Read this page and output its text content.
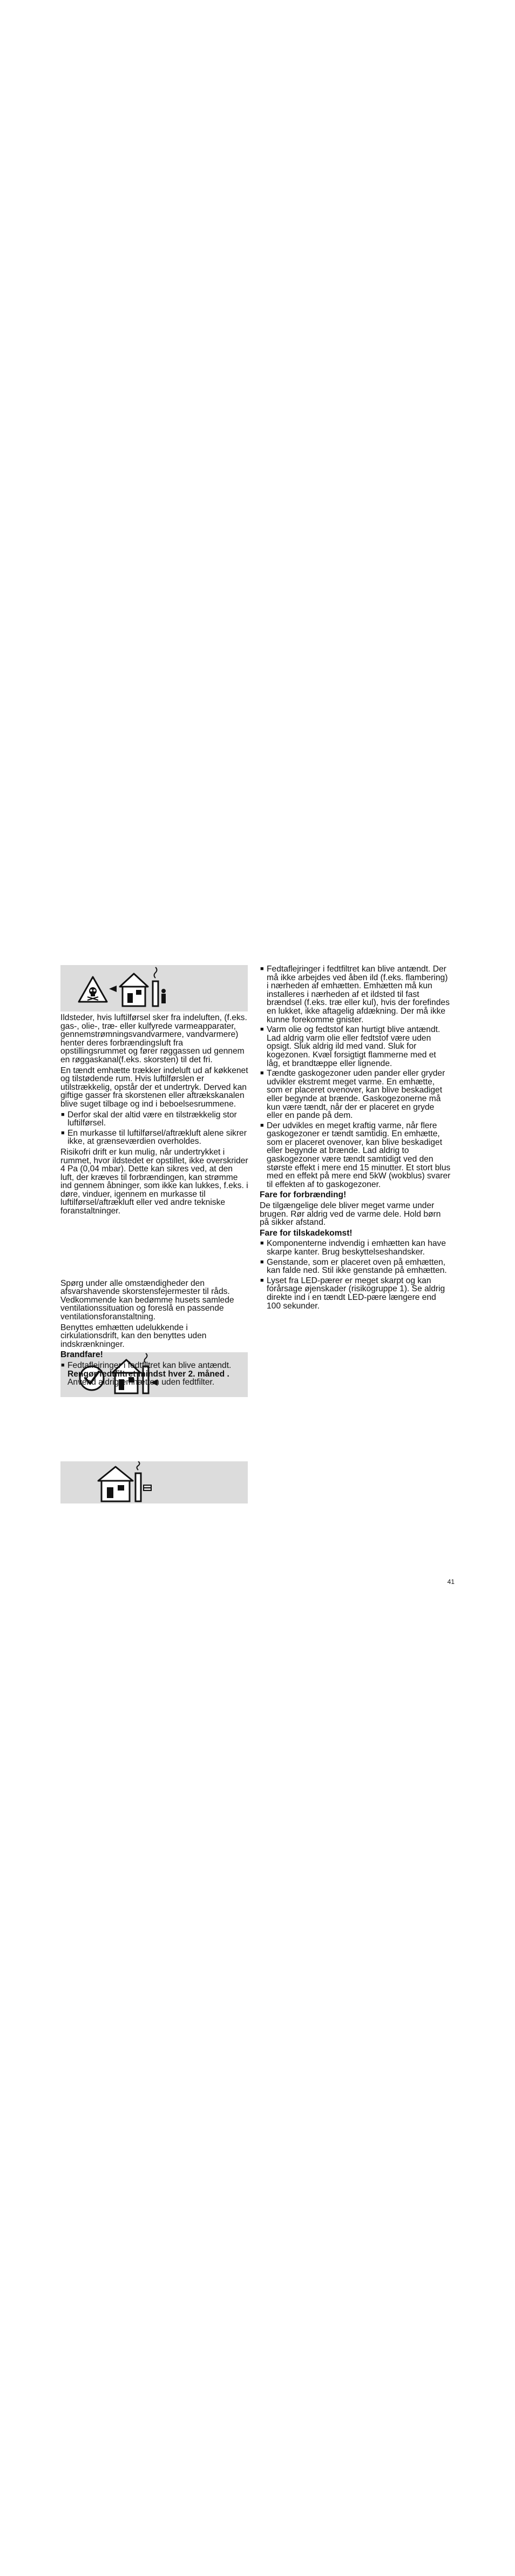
Ildsteder, hvis luftilførsel sker fra indeluften, (f.eks. gas-, olie-, træ- eller kulfyrede varmeapparater, gennemstrømningsvandvarmere, vandvarmere) henter deres forbrændingsluft fra opstillingsrummet og fører røggassen ud gennem en røggaskanal(f.eks. skorsten) til det fri.

En tændt emhætte trækker indeluft ud af køkkenet og tilstødende rum. Hvis luftilførslen er utilstrækkelig, opstår der et undertryk. Derved kan giftige gasser fra skorstenen eller aftrækskanalen blive suget tilbage og ind i beboelsesrummene.

■ Derfor skal der altid være en tilstrækkelig stor luftilførsel.
■ En murkasse til luftilførsel/aftrækluft alene sikrer ikke, at grænseværdien overholdes.

Risikofri drift er kun mulig, når undertrykket i rummet, hvor ildstedet er opstillet, ikke overskrider 4 Pa (0,04 mbar). Dette kan sikres ved, at den luft, der kræves til forbrændingen, kan strømme ind gennem åbninger, som ikke kan lukkes, f.eks. i døre, vinduer, igennem en murkasse til luftilførsel/aftrækluft eller ved andre tekniske foranstaltninger.

Spørg under alle omstændigheder den afsvarshavende skorstensfejermester til råds. Vedkommende kan bedømme husets samlede ventilationssituation og foreslå en passende ventilationsforanstaltning.

Benyttes emhætten udelukkende i cirkulationsdrift, kan den benyttes uden indskrænkninger.

Brandfare!

■ Fedtaflejringer i fedtfiltret kan blive antændt.
Rengør fedtfiltret mindst hver 2. måned .
Anvend aldrig emhætten uden fedtfilter.
■ Fedtaflejringer i fedtfiltret kan blive antændt. Der må ikke arbejdes ved åben ild (f.eks. flambering) i nærheden af emhætten. Emhætten må kun installeres i nærheden af et ildsted til fast brændsel (f.eks. træ eller kul), hvis der forefindes en lukket, ikke aftagelig afdækning. Der må ikke kunne forekomme gnister.
■ Varm olie og fedtstof kan hurtigt blive antændt. Lad aldrig varm olie eller fedtstof være uden opsigt. Sluk aldrig ild med vand. Sluk for kogezonen. Kvæl forsigtigt flammerne med et låg, et brandtæppe eller lignende.
■ Tændte gaskogezoner uden pander eller gryder udvikler ekstremt meget varme. En emhætte, som er placeret ovenover, kan blive beskadiget eller begynde at brænde. Gaskogezonerne må kun være tændt, når der er placeret en gryde eller en pande på dem.
■ Der udvikles en meget kraftig varme, når flere gaskogezoner er tændt samtidig. En emhætte, som er placeret ovenover, kan blive beskadiget eller begynde at brænde. Lad aldrig to gaskogezoner være tændt samtidigt ved den største effekt i mere end 15 minutter. Et stort blus med en effekt på mere end 5kW (wokblus) svarer til effekten af to gaskogezoner.

Fare for forbrænding!

De tilgængelige dele bliver meget varme under brugen. Rør aldrig ved de varme dele. Hold børn på sikker afstand.

Fare for tilskadekomst!

■ Komponenterne indvendig i emhætten kan have skarpe kanter. Brug beskyttelseshandsker.
■ Genstande, som er placeret oven på emhætten, kan falde ned. Stil ikke genstande på emhætten.
■ Lyset fra LED-pærer er meget skarpt og kan forårsage øjenskader (risikogruppe 1). Se aldrig direkte ind i en tændt LED-pære længere end 100 sekunder.
41
